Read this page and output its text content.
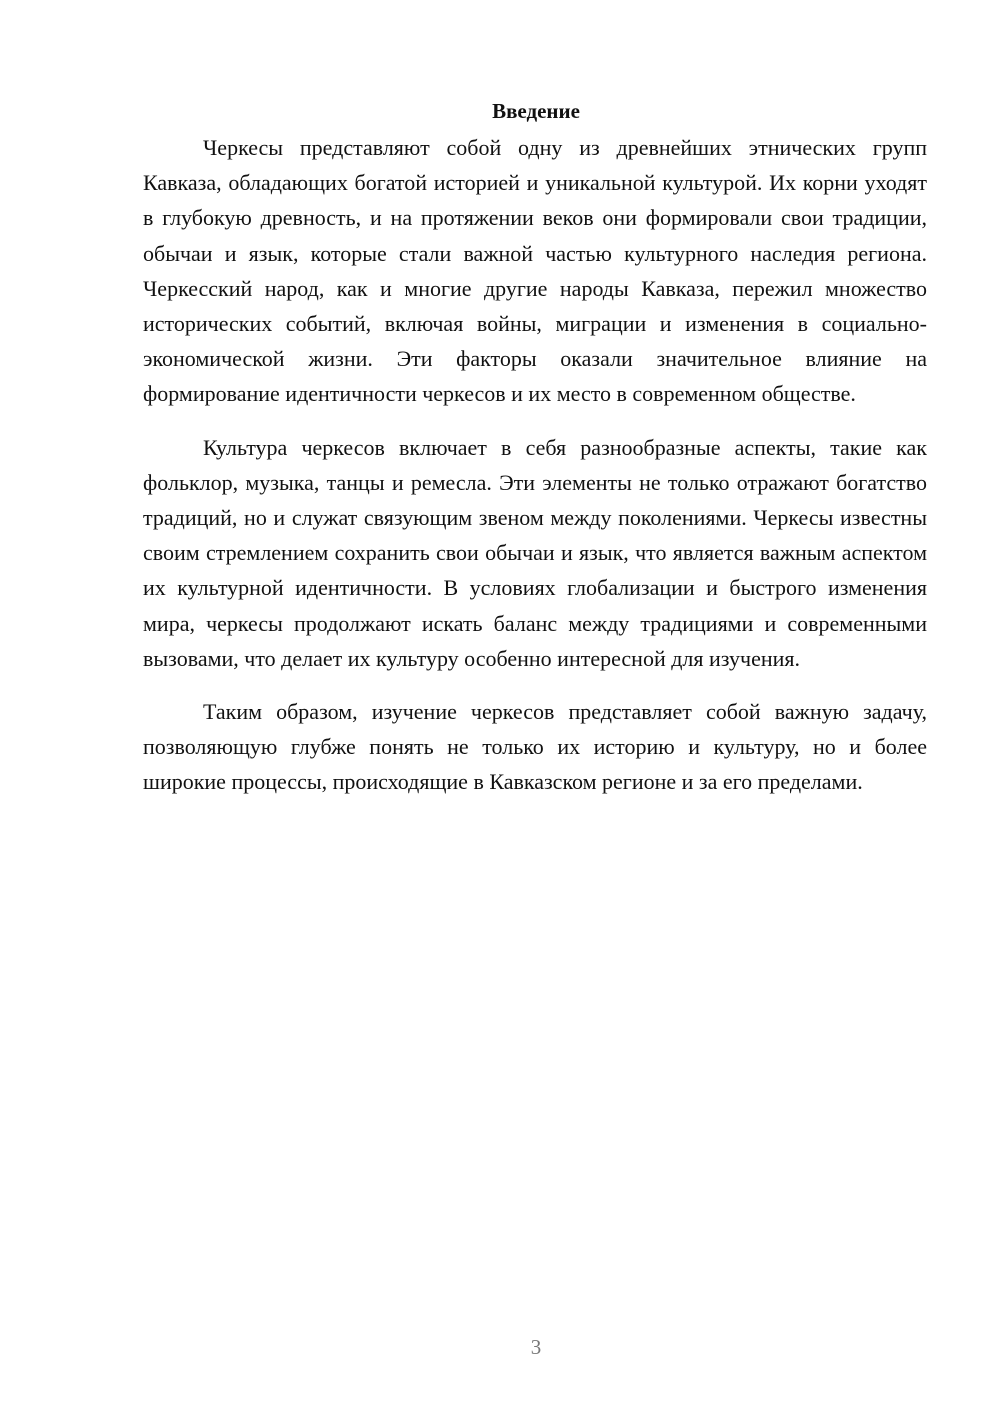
Введение

Черкесы представляют собой одну из древнейших этнических групп Кавказа, обладающих богатой историей и уникальной культурой. Их корни уходят в глубокую древность, и на протяжении веков они формировали свои традиции, обычаи и язык, которые стали важной частью культурного наследия региона. Черкесский народ, как и многие другие народы Кавказа, пережил множество исторических событий, включая войны, миграции и изменения в социально-экономической жизни. Эти факторы оказали значительное влияние на формирование идентичности черкесов и их место в современном обществе.

Культура черкесов включает в себя разнообразные аспекты, такие как фольклор, музыка, танцы и ремесла. Эти элементы не только отражают богатство традиций, но и служат связующим звеном между поколениями. Черкесы известны своим стремлением сохранить свои обычаи и язык, что является важным аспектом их культурной идентичности. В условиях глобализации и быстрого изменения мира, черкесы продолжают искать баланс между традициями и современными вызовами, что делает их культуру особенно интересной для изучения.

Таким образом, изучение черкесов представляет собой важную задачу, позволяющую глубже понять не только их историю и культуру, но и более широкие процессы, происходящие в Кавказском регионе и за его пределами.

3
